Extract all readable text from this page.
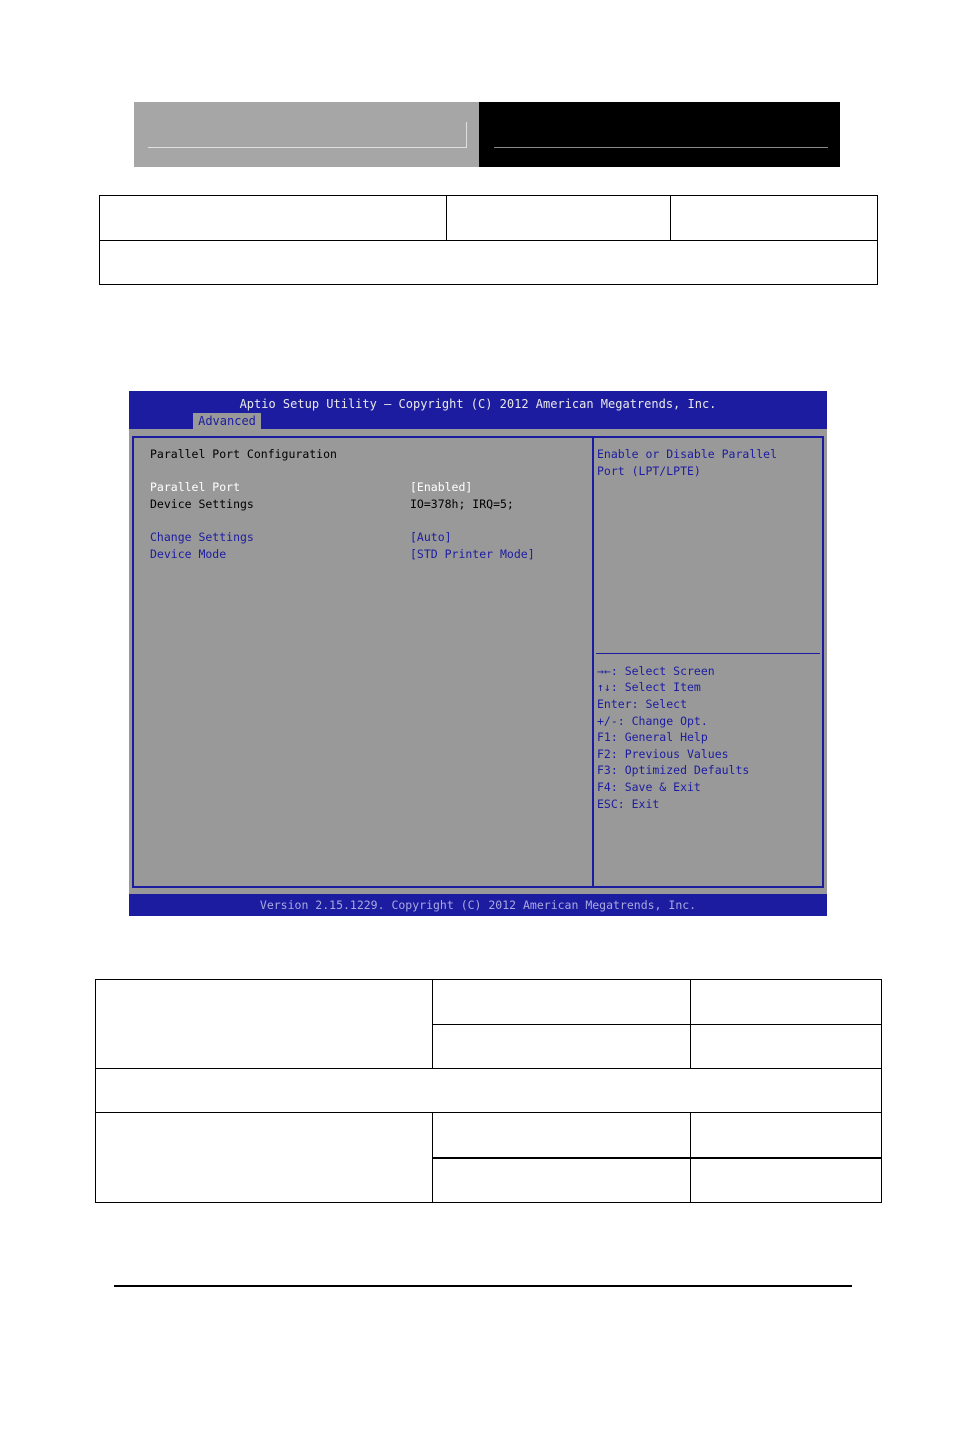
Aptio Setup Utility – Copyright (C) 2012 American Megatrends, Inc.
Advanced
Parallel Port Configuration
Parallel Port	[Enabled]
Device Settings	IO=378h; IRQ=5;
Change Settings	[Auto]
Device Mode	[STD Printer Mode]
Enable or Disable Parallel
Port (LPT/LPTE)
→←: Select Screen
↑↓: Select Item
Enter: Select
+/-: Change Opt.
F1: General Help
F2: Previous Values
F3: Optimized Defaults
F4: Save & Exit
ESC: Exit
Version 2.15.1229. Copyright (C) 2012 American Megatrends, Inc.
